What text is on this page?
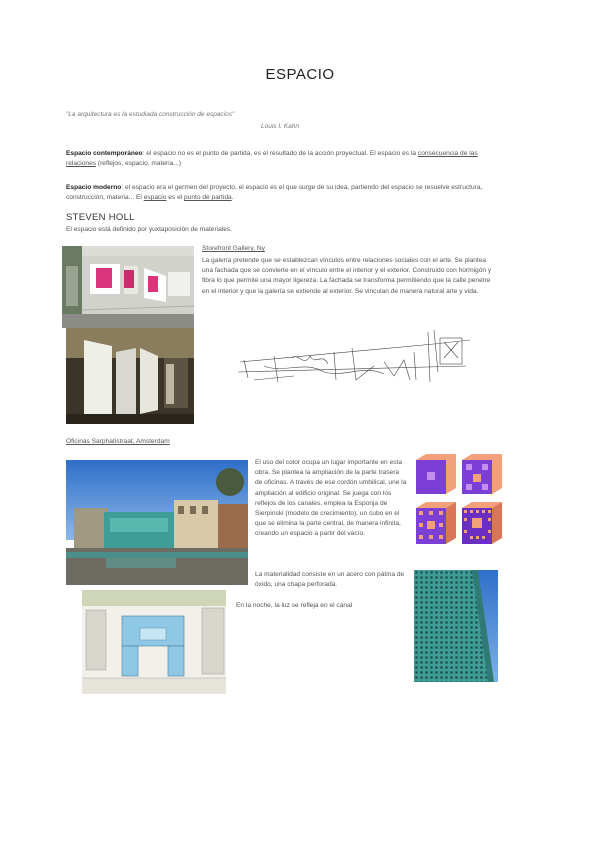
ESPACIO
"La arquitectura es la estudiada construcción de espacios"
Louis I. Kahn
Espacio contemporáneo: el espacio no es el punto de partida, es el resultado de la acción proyectual. El espacio es la consecuencia de las relaciones (reflejos, espacio, materia...)
Espacio moderno: el espacio era el germen del proyecto, el espacio es el que surge de su idea, partiendo del espacio se resuelve estructura, construcción, materia... El espacio es el punto de partida.
STEVEN HOLL
El espacio está definido por yuxtaposición de materiales.
Storefront Gallery, Ny
La galería pretende que se establezcan vínculos entre relaciones sociales con el arte. Se plantea una fachada que se convierte en el vínculo entre el interior y el exterior. Construido con hormigón y fibra lo que permite una mayor ligereza. La fachada se transforma permitiendo que la calle penetre en el interior y que la galería se extiende al exterior. Se vinculan de manera natural arte y vida.
Oficinas Sarphatistraat, Amsterdam
El uso del color ocupa un lugar importante en esta obra. Se plantea la ampliación de la parte trasera de oficinas. A través de ese cordón umbilical, une la ampliación al edificio original. Se juega con los reflejos de los canales, emplea la Esponja de Sierpinski (modelo de crecimiento), un cubo en el que se elimina la parte central, de manera infinita, creando un espacio a partir del vacío.
La materialidad consiste en un acero con pátina de óxido, una chapa perforada.
En la noche, la luz se refleja en el canal
